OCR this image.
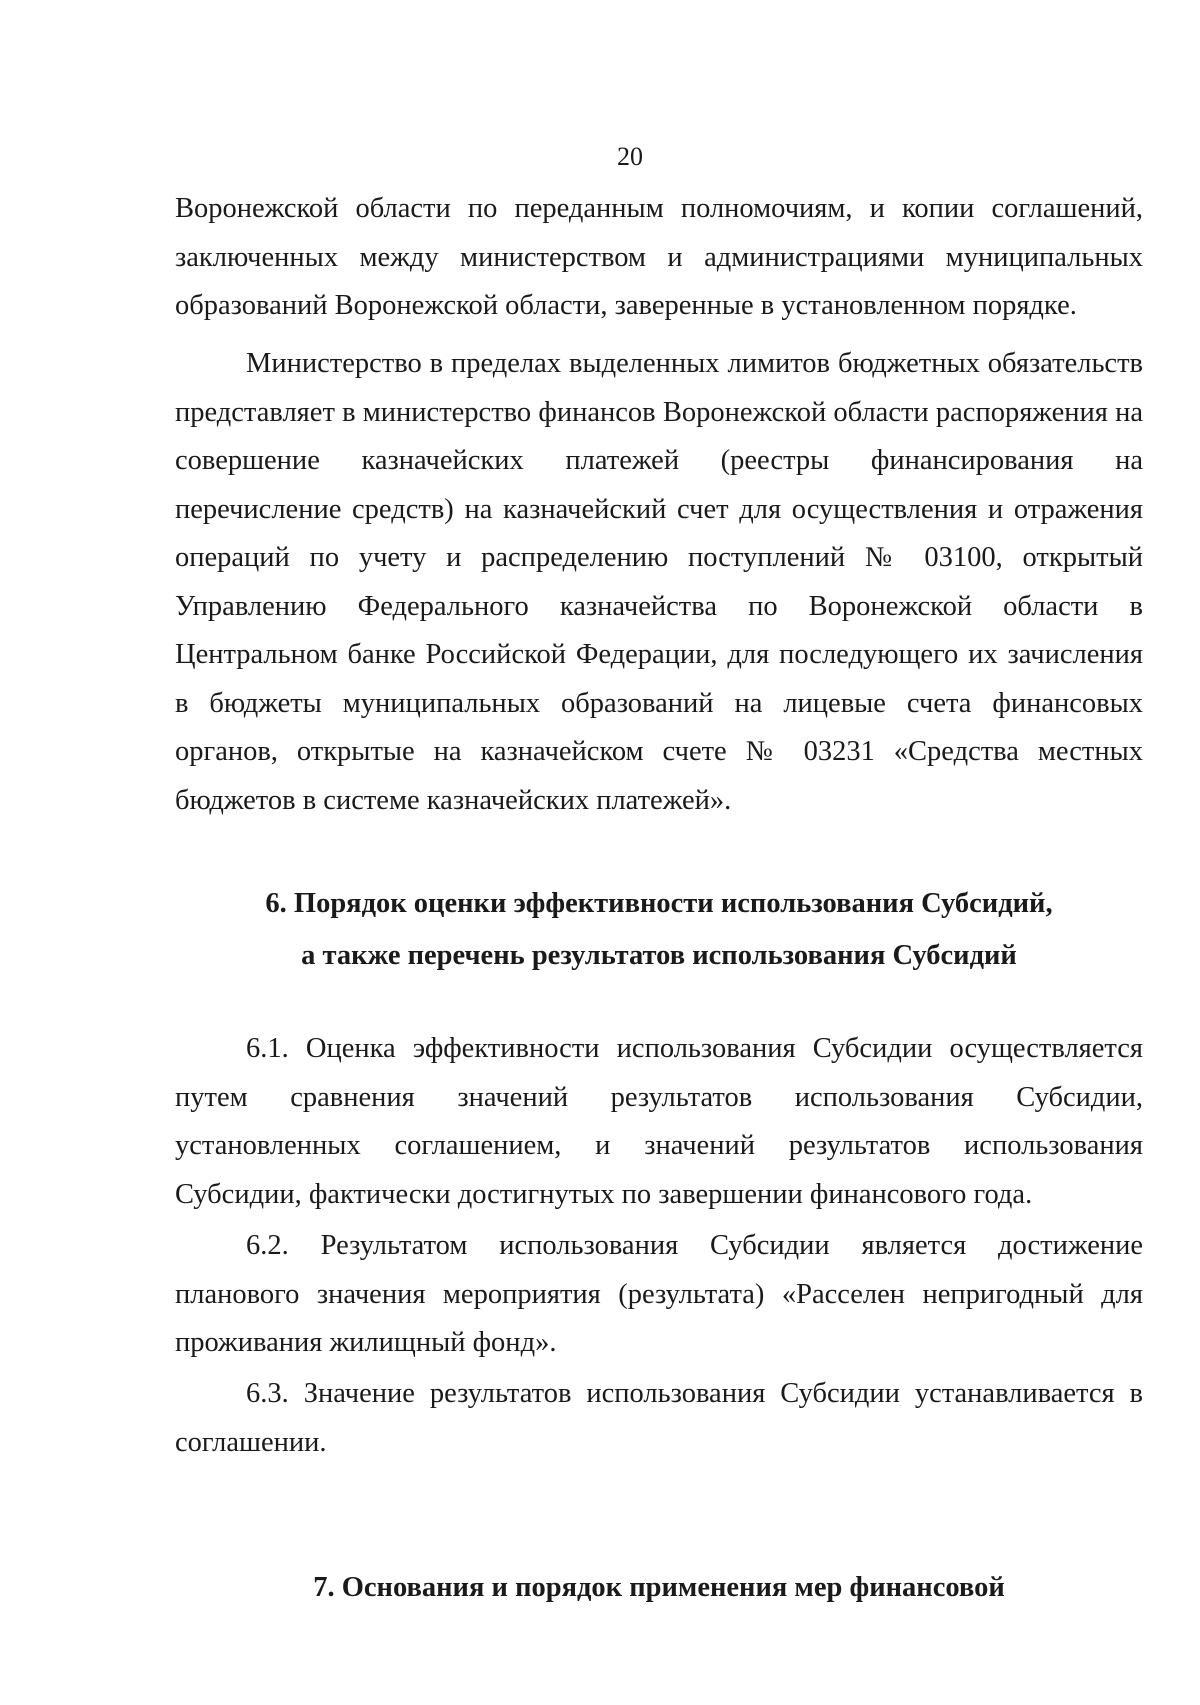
20

Воронежской области по переданным полномочиям, и копии соглашений, заключенных между министерством и администрациями муниципальных образований Воронежской области, заверенные в установленном порядке.

Министерство в пределах выделенных лимитов бюджетных обязательств представляет в министерство финансов Воронежской области распоряжения на совершение казначейских платежей (реестры финансирования на перечисление средств) на казначейский счет для осуществления и отражения операций по учету и распределению поступлений № 03100, открытый Управлению Федерального казначейства по Воронежской области в Центральном банке Российской Федерации, для последующего их зачисления в бюджеты муниципальных образований на лицевые счета финансовых органов, открытые на казначейском счете № 03231 «Средства местных бюджетов в системе казначейских платежей».

6. Порядок оценки эффективности использования Субсидий,
а также перечень результатов использования Субсидий

6.1. Оценка эффективности использования Субсидии осуществляется путем сравнения значений результатов использования Субсидии, установленных соглашением, и значений результатов использования Субсидии, фактически достигнутых по завершении финансового года.

6.2. Результатом использования Субсидии является достижение планового значения мероприятия (результата) «Расселен непригодный для проживания жилищный фонд».

6.3. Значение результатов использования Субсидии устанавливается в соглашении.

7. Основания и порядок применения мер финансовой
